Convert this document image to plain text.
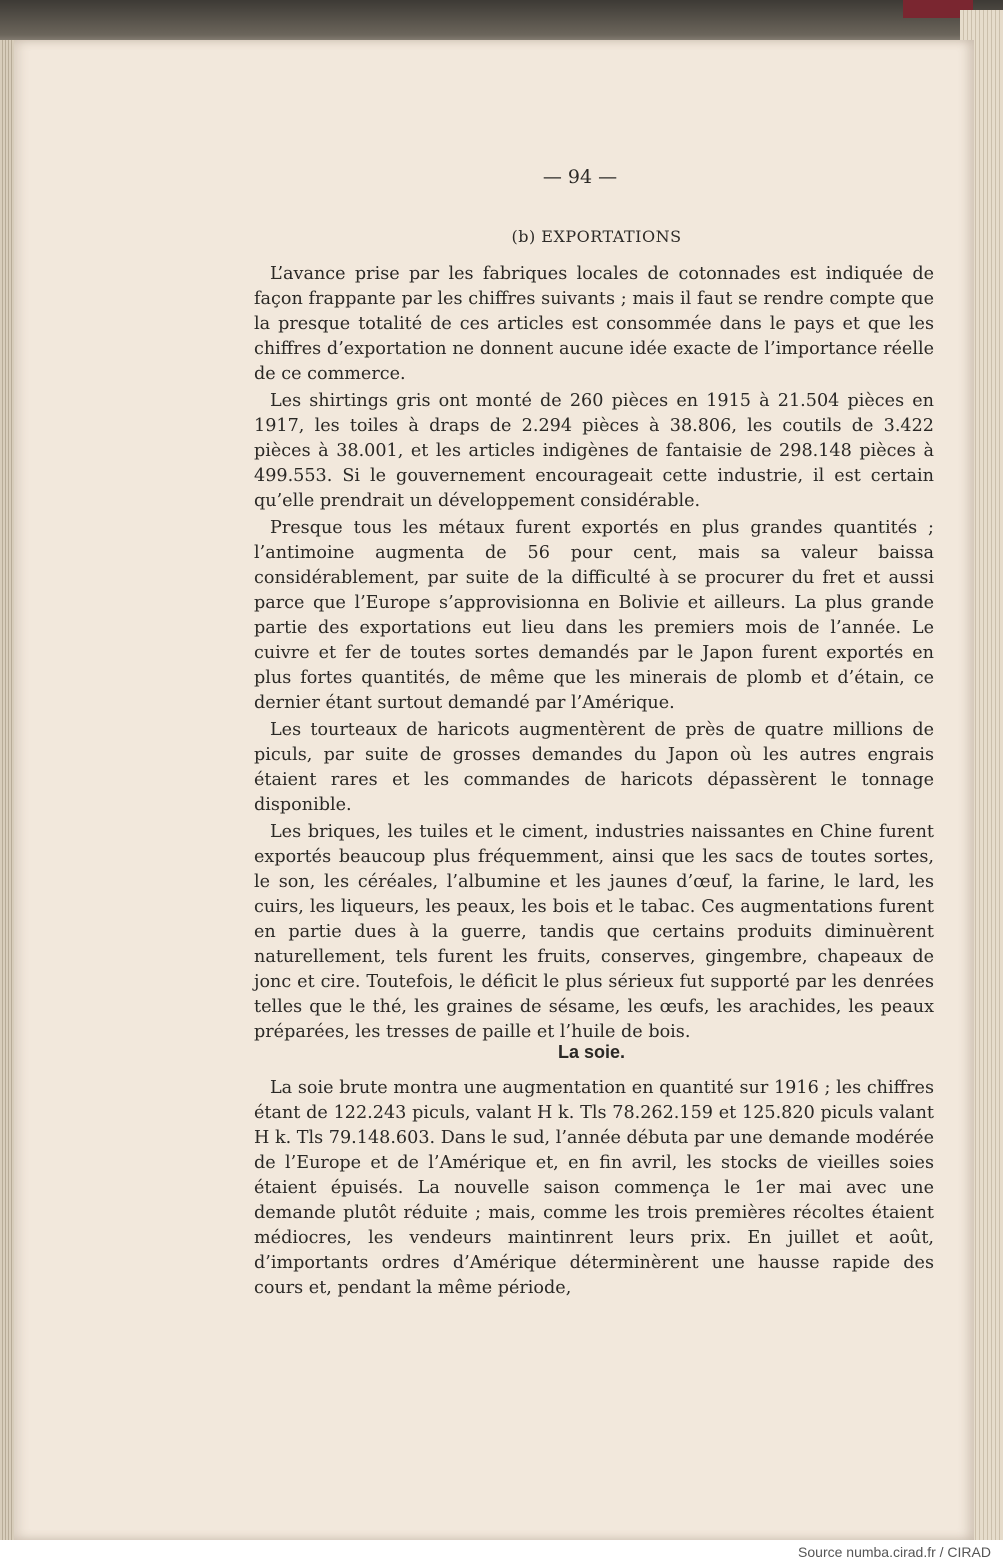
— 94 —
(b) EXPORTATIONS

L’avance prise par les fabriques locales de cotonnades est indiquée de façon frappante par les chiffres suivants ; mais il faut se rendre compte que la presque totalité de ces articles est consommée dans le pays et que les chiffres d’exportation ne donnent aucune idée exacte de l’importance réelle de ce commerce.

Les shirtings gris ont monté de 260 pièces en 1915 à 21.504 pièces en 1917, les toiles à draps de 2.294 pièces à 38.806, les coutils de 3.422 pièces à 38.001, et les articles indigènes de fantaisie de 298.148 pièces à 499.553. Si le gouvernement encourageait cette industrie, il est certain qu’elle prendrait un développement considérable.

Presque tous les métaux furent exportés en plus grandes quantités ; l’antimoine augmenta de 56 pour cent, mais sa valeur baissa considérablement, par suite de la difficulté à se procurer du fret et aussi parce que l’Europe s’approvisionna en Bolivie et ailleurs. La plus grande partie des exportations eut lieu dans les premiers mois de l’année. Le cuivre et fer de toutes sortes demandés par le Japon furent exportés en plus fortes quantités, de même que les minerais de plomb et d’étain, ce dernier étant surtout demandé par l’Amérique.

Les tourteaux de haricots augmentèrent de près de quatre millions de piculs, par suite de grosses demandes du Japon où les autres engrais étaient rares et les commandes de haricots dépassèrent le tonnage disponible.

Les briques, les tuiles et le ciment, industries naissantes en Chine furent exportés beaucoup plus fréquemment, ainsi que les sacs de toutes sortes, le son, les céréales, l’albumine et les jaunes d’œuf, la farine, le lard, les cuirs, les liqueurs, les peaux, les bois et le tabac. Ces augmentations furent en partie dues à la guerre, tandis que certains produits diminuèrent naturellement, tels furent les fruits, conserves, gingembre, chapeaux de jonc et cire. Toutefois, le déficit le plus sérieux fut supporté par les denrées telles que le thé, les graines de sésame, les œufs, les arachides, les peaux préparées, les tresses de paille et l’huile de bois.

La soie.

La soie brute montra une augmentation en quantité sur 1916 ; les chiffres étant de 122.243 piculs, valant H k. Tls 78.262.159 et 125.820 piculs valant H k. Tls 79.148.603. Dans le sud, l’année débuta par une demande modérée de l’Europe et de l’Amérique et, en fin avril, les stocks de vieilles soies étaient épuisés. La nouvelle saison commença le 1er mai avec une demande plutôt réduite ; mais, comme les trois premières récoltes étaient médiocres, les vendeurs maintinrent leurs prix. En juillet et août, d’importants ordres d’Amérique déterminèrent une hausse rapide des cours et, pendant la même période,

Source numba.cirad.fr / CIRAD
